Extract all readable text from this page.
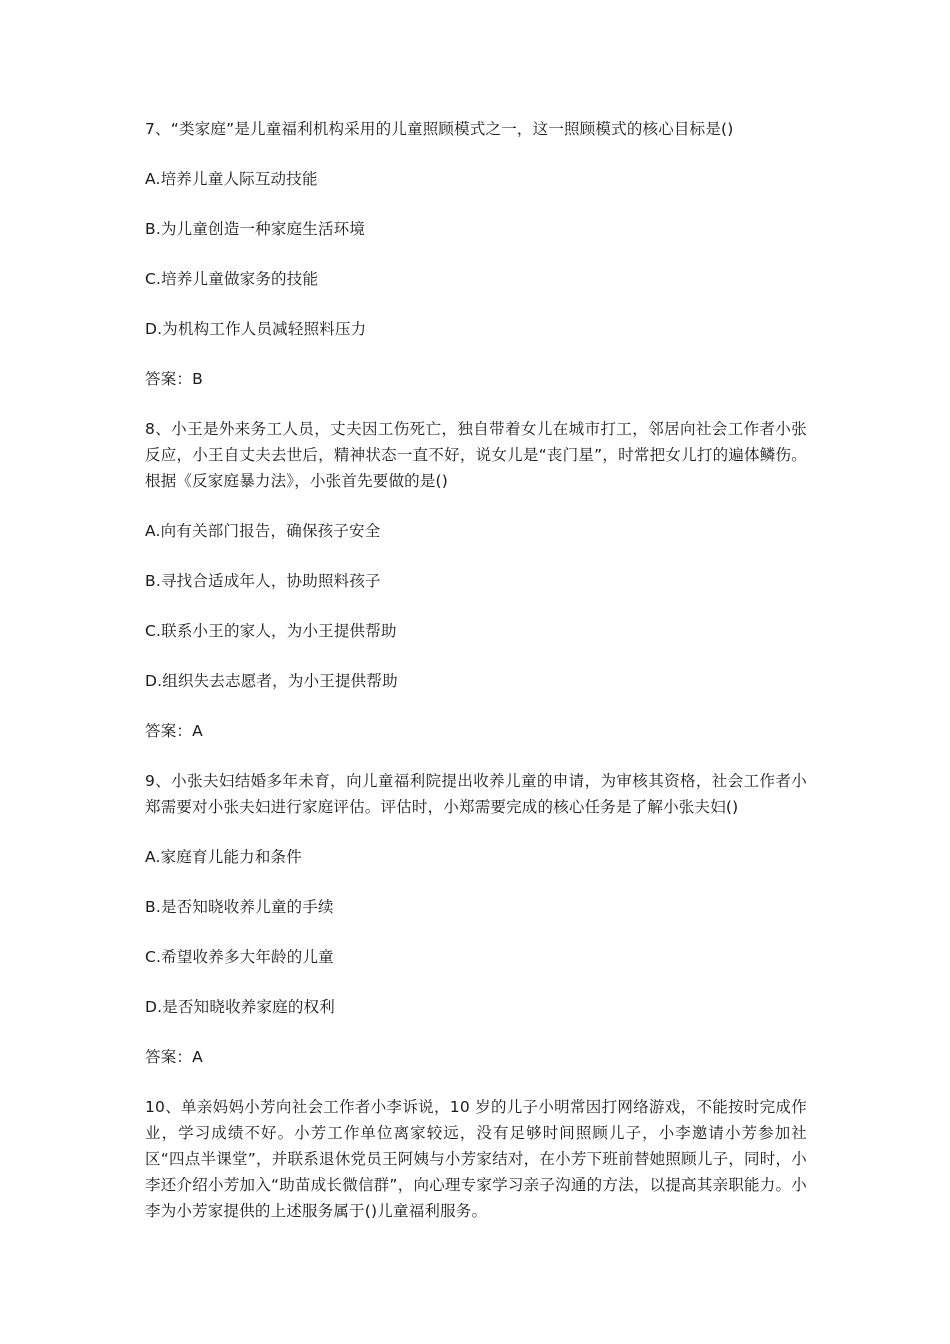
7、“类家庭”是儿童福利机构采用的儿童照顾模式之一，这一照顾模式的核心目标是()
A.培养儿童人际互动技能
B.为儿童创造一种家庭生活环境
C.培养儿童做家务的技能
D.为机构工作人员减轻照料压力
答案：B
8、小王是外来务工人员，丈夫因工伤死亡，独自带着女儿在城市打工，邻居向社会工作者小张反应，小王自丈夫去世后，精神状态一直不好，说女儿是“丧门星”，时常把女儿打的遍体鳞伤。根据《反家庭暴力法》，小张首先要做的是()
A.向有关部门报告，确保孩子安全
B.寻找合适成年人，协助照料孩子
C.联系小王的家人，为小王提供帮助
D.组织失去志愿者，为小王提供帮助
答案：A
9、小张夫妇结婚多年未育，向儿童福利院提出收养儿童的申请，为审核其资格，社会工作者小郑需要对小张夫妇进行家庭评估。评估时，小郑需要完成的核心任务是了解小张夫妇()
A.家庭育儿能力和条件
B.是否知晓收养儿童的手续
C.希望收养多大年龄的儿童
D.是否知晓收养家庭的权利
答案：A
10、单亲妈妈小芳向社会工作者小李诉说，10 岁的儿子小明常因打网络游戏，不能按时完成作业，学习成绩不好。小芳工作单位离家较远，没有足够时间照顾儿子，小李邀请小芳参加社区“四点半课堂”，并联系退休党员王阿姨与小芳家结对，在小芳下班前替她照顾儿子，同时，小李还介绍小芳加入“助苗成长微信群”，向心理专家学习亲子沟通的方法，以提高其亲职能力。小李为小芳家提供的上述服务属于()儿童福利服务。
